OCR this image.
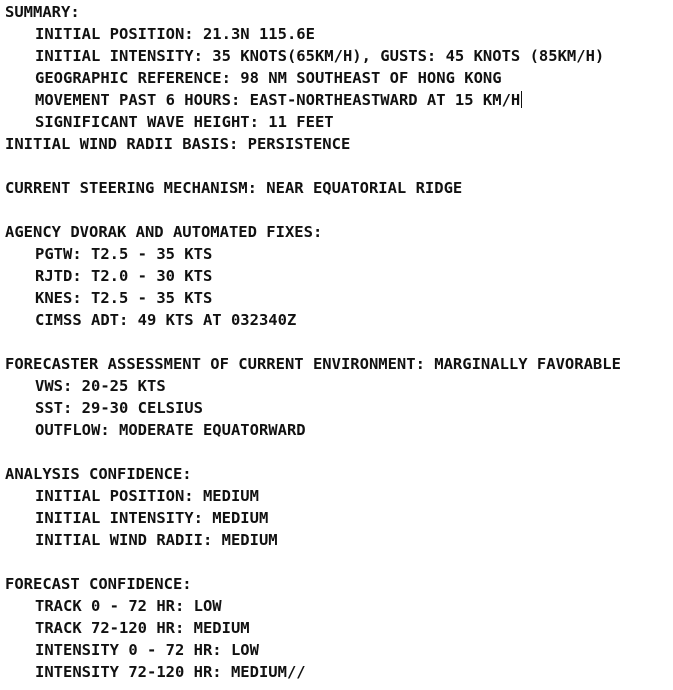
SUMMARY:
INITIAL POSITION: 21.3N 115.6E
INITIAL INTENSITY: 35 KNOTS(65KM/H), GUSTS: 45 KNOTS (85KM/H)
GEOGRAPHIC REFERENCE: 98 NM SOUTHEAST OF HONG KONG
MOVEMENT PAST 6 HOURS: EAST-NORTHEASTWARD AT 15 KM/H
SIGNIFICANT WAVE HEIGHT: 11 FEET
INITIAL WIND RADII BASIS: PERSISTENCE
CURRENT STEERING MECHANISM: NEAR EQUATORIAL RIDGE
AGENCY DVORAK AND AUTOMATED FIXES:
PGTW: T2.5 - 35 KTS
RJTD: T2.0 - 30 KTS
KNES: T2.5 - 35 KTS
CIMSS ADT: 49 KTS AT 032340Z
FORECASTER ASSESSMENT OF CURRENT ENVIRONMENT: MARGINALLY FAVORABLE
VWS: 20-25 KTS
SST: 29-30 CELSIUS
OUTFLOW: MODERATE EQUATORWARD
ANALYSIS CONFIDENCE:
INITIAL POSITION: MEDIUM
INITIAL INTENSITY: MEDIUM
INITIAL WIND RADII: MEDIUM
FORECAST CONFIDENCE:
TRACK 0 - 72 HR: LOW
TRACK 72-120 HR: MEDIUM
INTENSITY 0 - 72 HR: LOW
INTENSITY 72-120 HR: MEDIUM//
